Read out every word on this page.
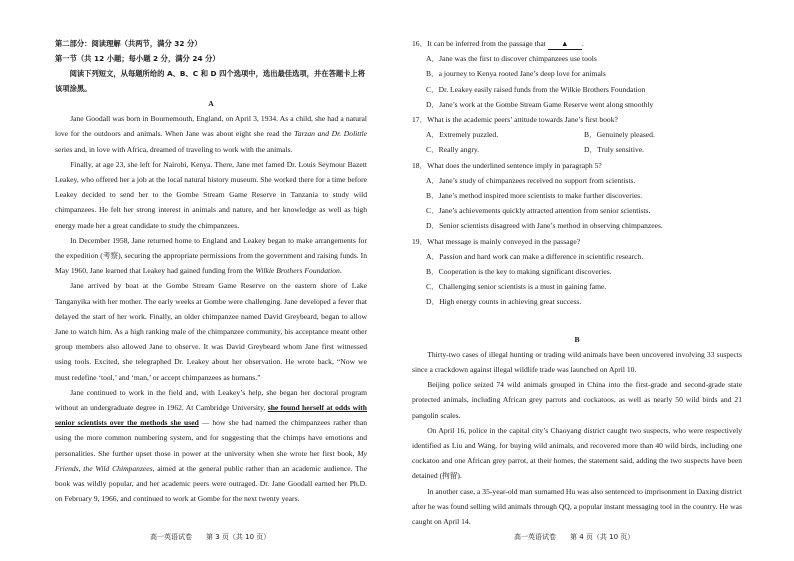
第二部分：阅读理解（共两节，满分 32 分）
第一节（共 12 小题；每小题 2 分，满分 24 分）
阅读下列短文，从每题所给的 A、B、C 和 D 四个选项中，选出最佳选项，并在答题卡上将该项涂黑。
A

Jane Goodall was born in Bournemouth, England, on April 3, 1934. As a child, she had a natural love for the outdoors and animals. When Jane was about eight she read the Tarzan and Dr. Dolittle series and, in love with Africa, dreamed of traveling to work with the animals.

Finally, at age 23, she left for Nairobi, Kenya. There, Jane met famed Dr. Louis Seymour Bazett Leakey, who offered her a job at the local natural history museum. She worked there for a time before Leakey decided to send her to the Gombe Stream Game Reserve in Tanzania to study wild chimpanzees. He felt her strong interest in animals and nature, and her knowledge as well as high energy made her a great candidate to study the chimpanzees.

In December 1958, Jane returned home to England and Leakey began to make arrangements for the expedition (考察), securing the appropriate permissions from the government and raising funds. In May 1960, Jane learned that Leakey had gained funding from the Wilkie Brothers Foundation.

Jane arrived by boat at the Gombe Stream Game Reserve on the eastern shore of Lake Tanganyika with her mother. The early weeks at Gombe were challenging. Jane developed a fever that delayed the start of her work. Finally, an older chimpanzee named David Greybeard, began to allow Jane to watch him. As a high ranking male of the chimpanzee community, his acceptance meant other group members also allowed Jane to observe. It was David Greybeard whom Jane first witnessed using tools. Excited, she telegraphed Dr. Leakey about her observation. He wrote back, “Now we must redefine ‘tool,’ and ‘man,’ or accept chimpanzees as humans.”

Jane continued to work in the field and, with Leakey’s help, she began her doctoral program without an undergraduate degree in 1962. At Cambridge University, she found herself at odds with senior scientists over the methods she used — how she had named the chimpanzees rather than using the more common numbering system, and for suggesting that the chimps have emotions and personalities. She further upset those in power at the university when she wrote her first book, My Friends, the Wild Chimpanzees, aimed at the general public rather than an academic audience. The book was wildly popular, and her academic peers were outraged. Dr. Jane Goodall earned her Ph.D. on February 9, 1966, and continued to work at Gombe for the next twenty years.

16．It can be inferred from the passage that ▲ .
A．Jane was the first to discover chimpanzees use tools
B．a journey to Kenya rooted Jane’s deep love for animals
C．Dr. Leakey easily raised funds from the Wilkie Brothers Foundation
D．Jane’s work at the Gombe Stream Game Reserve went along smoothly
17．What is the academic peers’ attitude towards Jane’s first book?
A．Extremely puzzled.	B．Genuinely pleased.
C．Really angry.	D．Truly sensitive.
18．What does the underlined sentence imply in paragraph 5?
A．Jane’s study of chimpanzees received no support from scientists.
B．Jane’s method inspired more scientists to make further discoveries.
C．Jane’s achievements quickly attracted attention from senior scientists.
D．Senior scientists disagreed with Jane’s method in observing chimpanzees.
19．What message is mainly conveyed in the passage?
A．Passion and hard work can make a difference in scientific research.
B．Cooperation is the key to making significant discoveries.
C．Challenging senior scientists is a must in gaining fame.
D．High energy counts in achieving great success.
B

Thirty-two cases of illegal hunting or trading wild animals have been uncovered involving 33 suspects since a crackdown against illegal wildlife trade was launched on April 10.

Beijing police seized 74 wild animals grouped in China into the first-grade and second-grade state protected animals, including African grey parrots and cockatoos, as well as nearly 50 wild birds and 21 pangolin scales.

On April 16, police in the capital city’s Chaoyang district caught two suspects, who were respectively identified as Liu and Wang, for buying wild animals, and recovered more than 40 wild birds, including one cockatoo and one African grey parrot, at their homes, the statement said, adding the two suspects have been detained (拘留).

In another case, a 35-year-old man surnamed Hu was also sentenced to imprisonment in Daxing district after he was found selling wild animals through QQ, a popular instant messaging tool in the country. He was caught on April 14.

高一英语试卷　　第 3 页（共 10 页）	高一英语试卷　　第 4 页（共 10 页）
